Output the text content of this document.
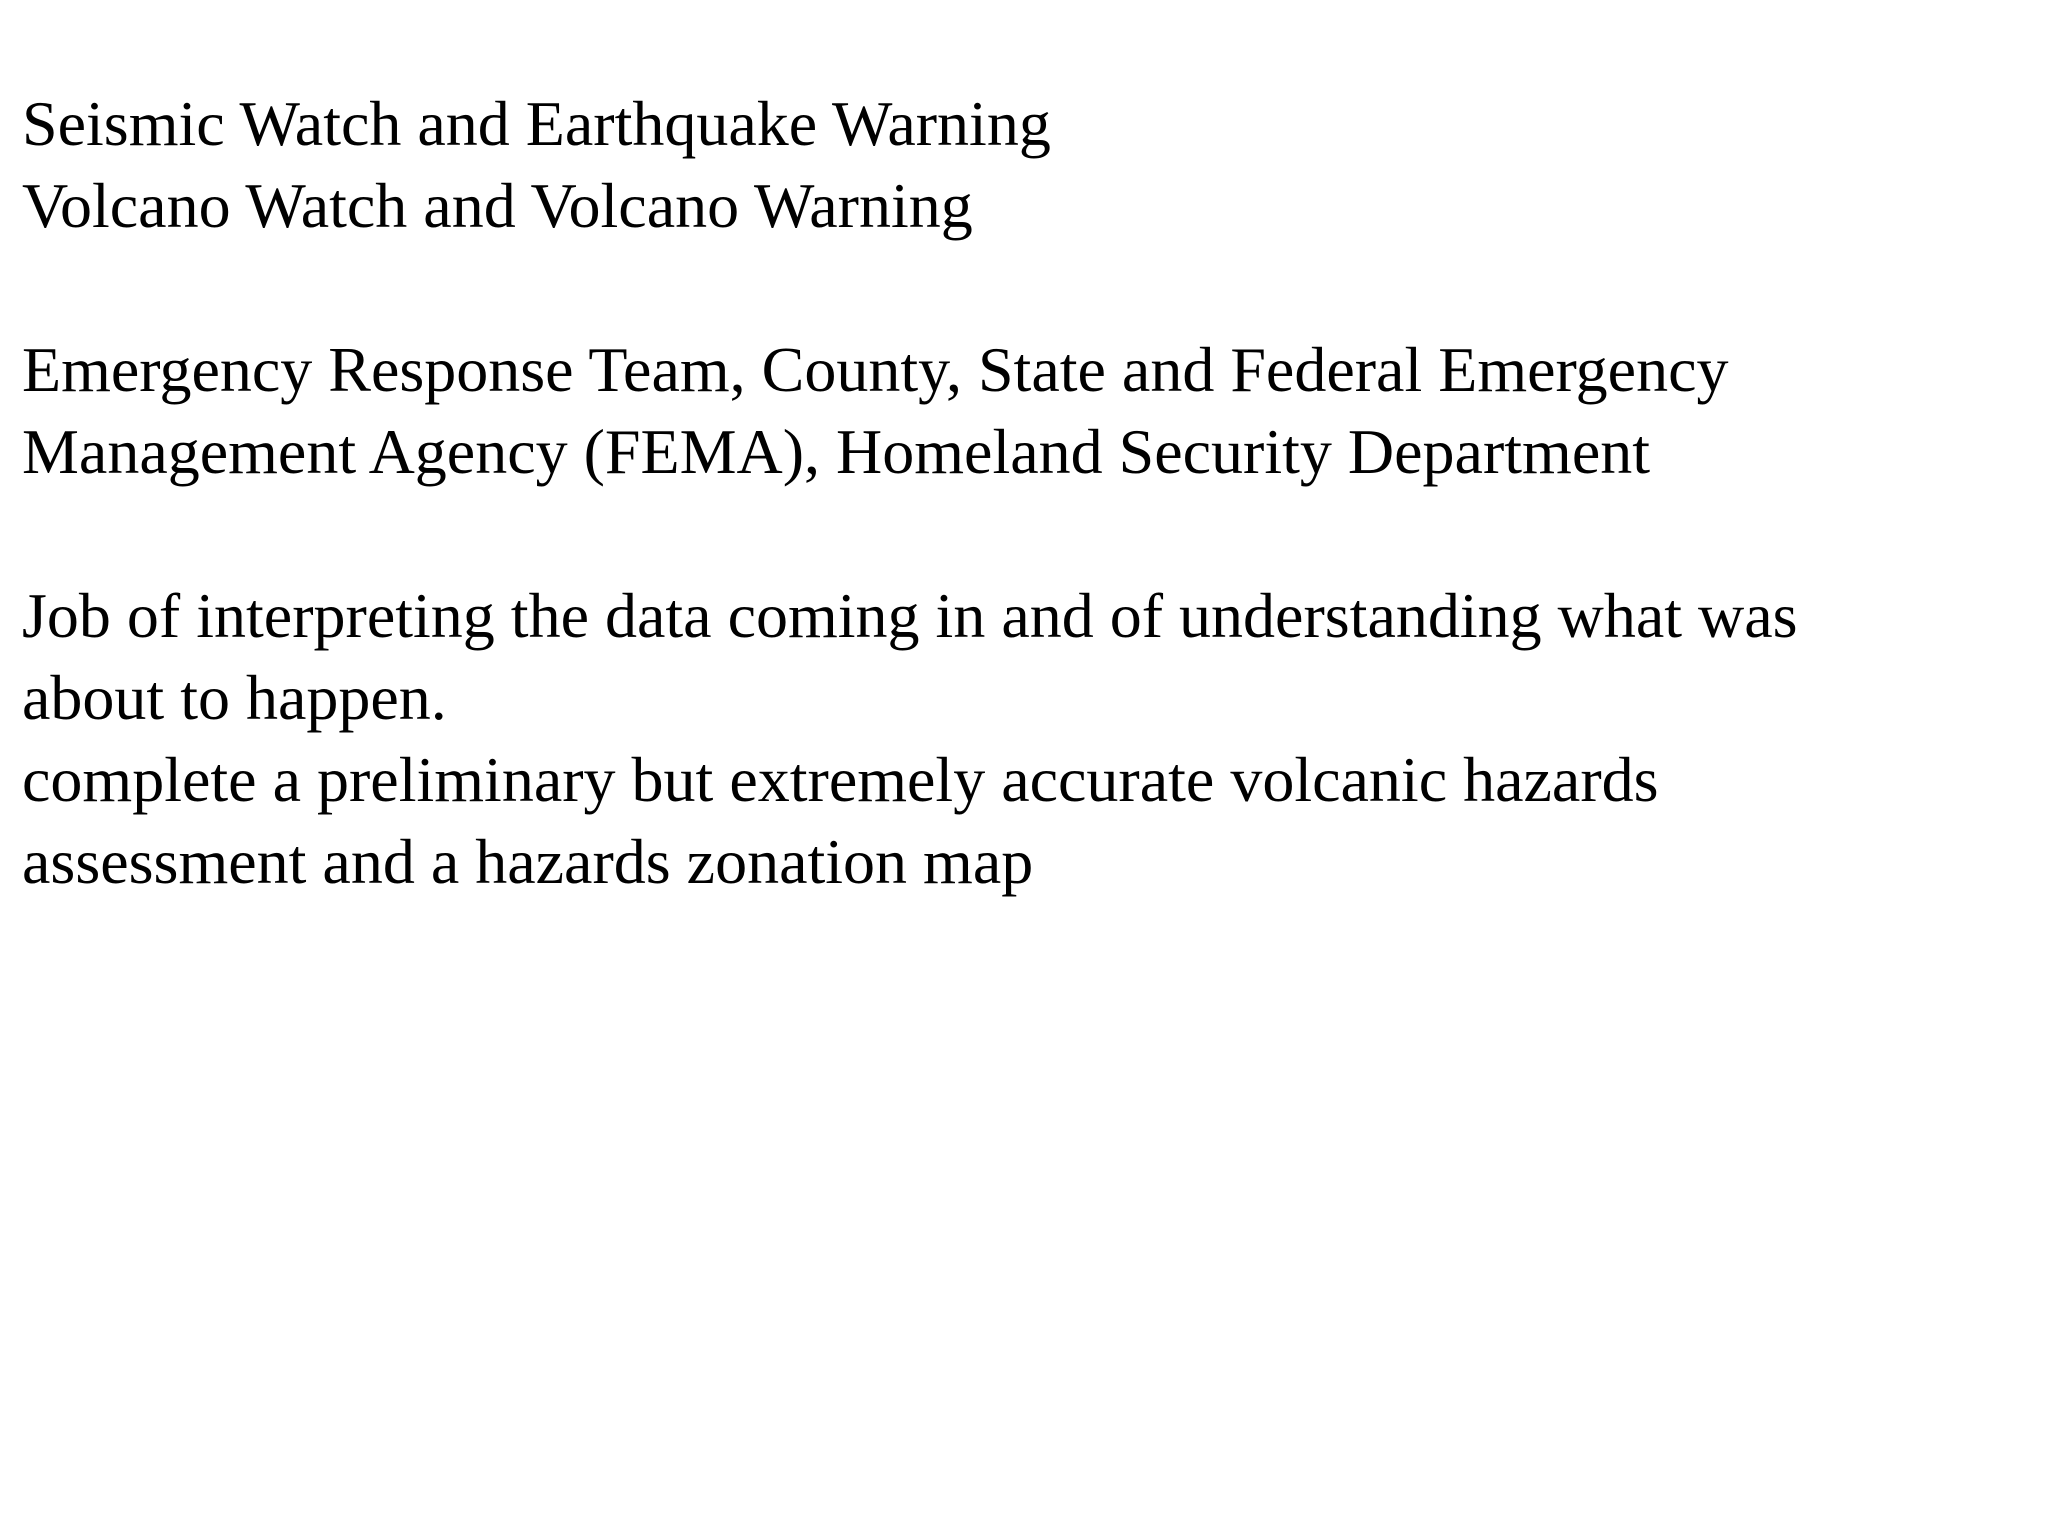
Seismic Watch and Earthquake Warning
Volcano Watch and Volcano Warning
Emergency Response Team, County, State and Federal Emergency
Management Agency (FEMA), Homeland Security Department
Job of interpreting the data coming in and of understanding what was
about to happen.
complete a preliminary but extremely accurate volcanic hazards
assessment and a hazards zonation map
